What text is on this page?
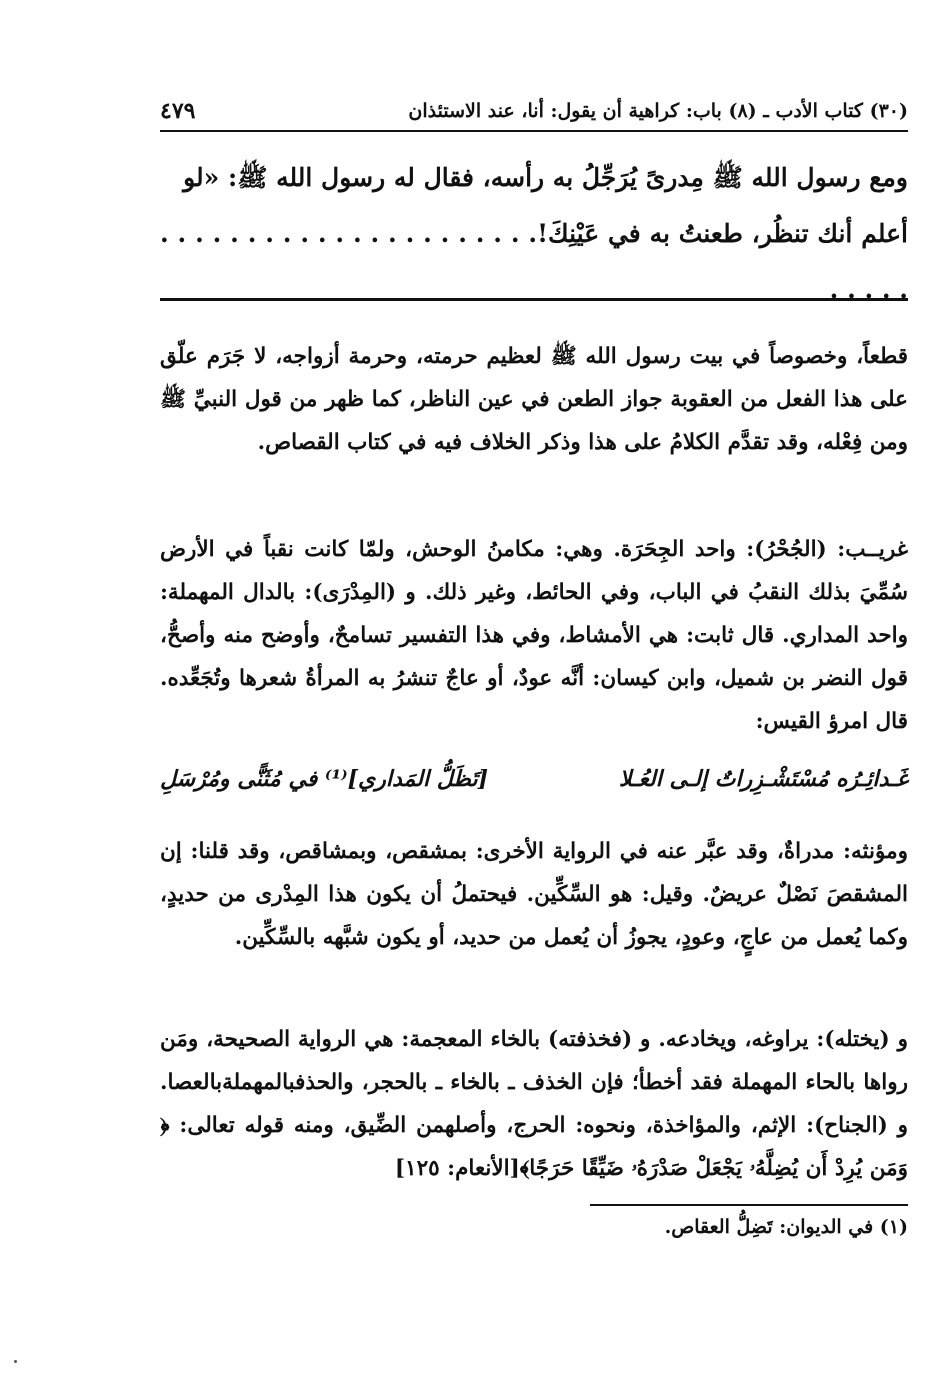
(٣٠) كتاب الأدب ـ (٨) باب: كراهية أن يقول: أنا، عند الاستئذان
٤٧٩

ومع رسول الله ﷺ مِدرىً يُرَجِّلُ به رأسه، فقال له رسول الله ﷺ: «لو

أعلم أنك تنظُر، طعنتُ به في عَيْنِكَ!. . . . . . . . . . . . . . . . . . . . . . . . . . .

قطعاً، وخصوصاً في بيت رسول الله ﷺ لعظيم حرمته، وحرمة أزواجه، لا جَرَم علّق على هذا الفعل من العقوبة جواز الطعن في عين الناظر، كما ظهر من قول النبيِّ ﷺ ومن فِعْله، وقد تقدَّم الكلامُ على هذا وذكر الخلاف فيه في كتاب القصاص.

غريــب: (الجُحْرُ): واحد الجِحَرَة. وهي: مكامنُ الوحش، ولمّا كانت نقباً في الأرض سُمِّيَ بذلك النقبُ في الباب، وفي الحائط، وغير ذلك. و (المِدْرَى): بالدال المهملة: واحد المداري. قال ثابت: هي الأمشاط، وفي هذا التفسير تسامحٌ، وأوضح منه وأصحُّ، قول النضر بن شميل، وابن كيسان: أنَّه عودٌ، أو عاجٌ تنشرُ به المرأةُ شعرها وتُجَعِّده. قال امرؤ القيس:

غَـدائِـرُه مُسْتَشْـزِراتٌ إلـى العُـلا
[تَظَلُّ المَداري]⁽¹⁾ في مُثَنًّى ومُرْسَلِ

ومؤنثه: مدراةٌ، وقد عبَّر عنه في الرواية الأخرى: بمشقص، وبمشاقص، وقد قلنا: إن المشقصَ نَصْلٌ عريضٌ. وقيل: هو السِّكِّين. فيحتملُ أن يكون هذا المِدْرى من حديدٍ، وكما يُعمل من عاجٍ، وعودٍ، يجوزُ أن يُعمل من حديد، أو يكون شبَّهه بالسِّكِّين.

و (يختله): يراوغه، ويخادعه. و (فخذفته) بالخاء المعجمة: هي الرواية الصحيحة، ومَن رواها بالحاء المهملة فقد أخطأ؛ فإن الخذف ـ بالخاء ـ بالحجر، والحذفبالمهملةبالعصا. و (الجناح): الإثم، والمؤاخذة، ونحوه: الحرج، وأصلهمن الضِّيق، ومنه قوله تعالى: ﴿ وَمَن يُرِدْ أَن يُضِلَّهُۥ يَجْعَلْ صَدْرَهُۥ ضَيِّقًا حَرَجًا﴾[الأنعام: ١٢٥]

(١) في الديوان: تَضِلُّ العقاص.
